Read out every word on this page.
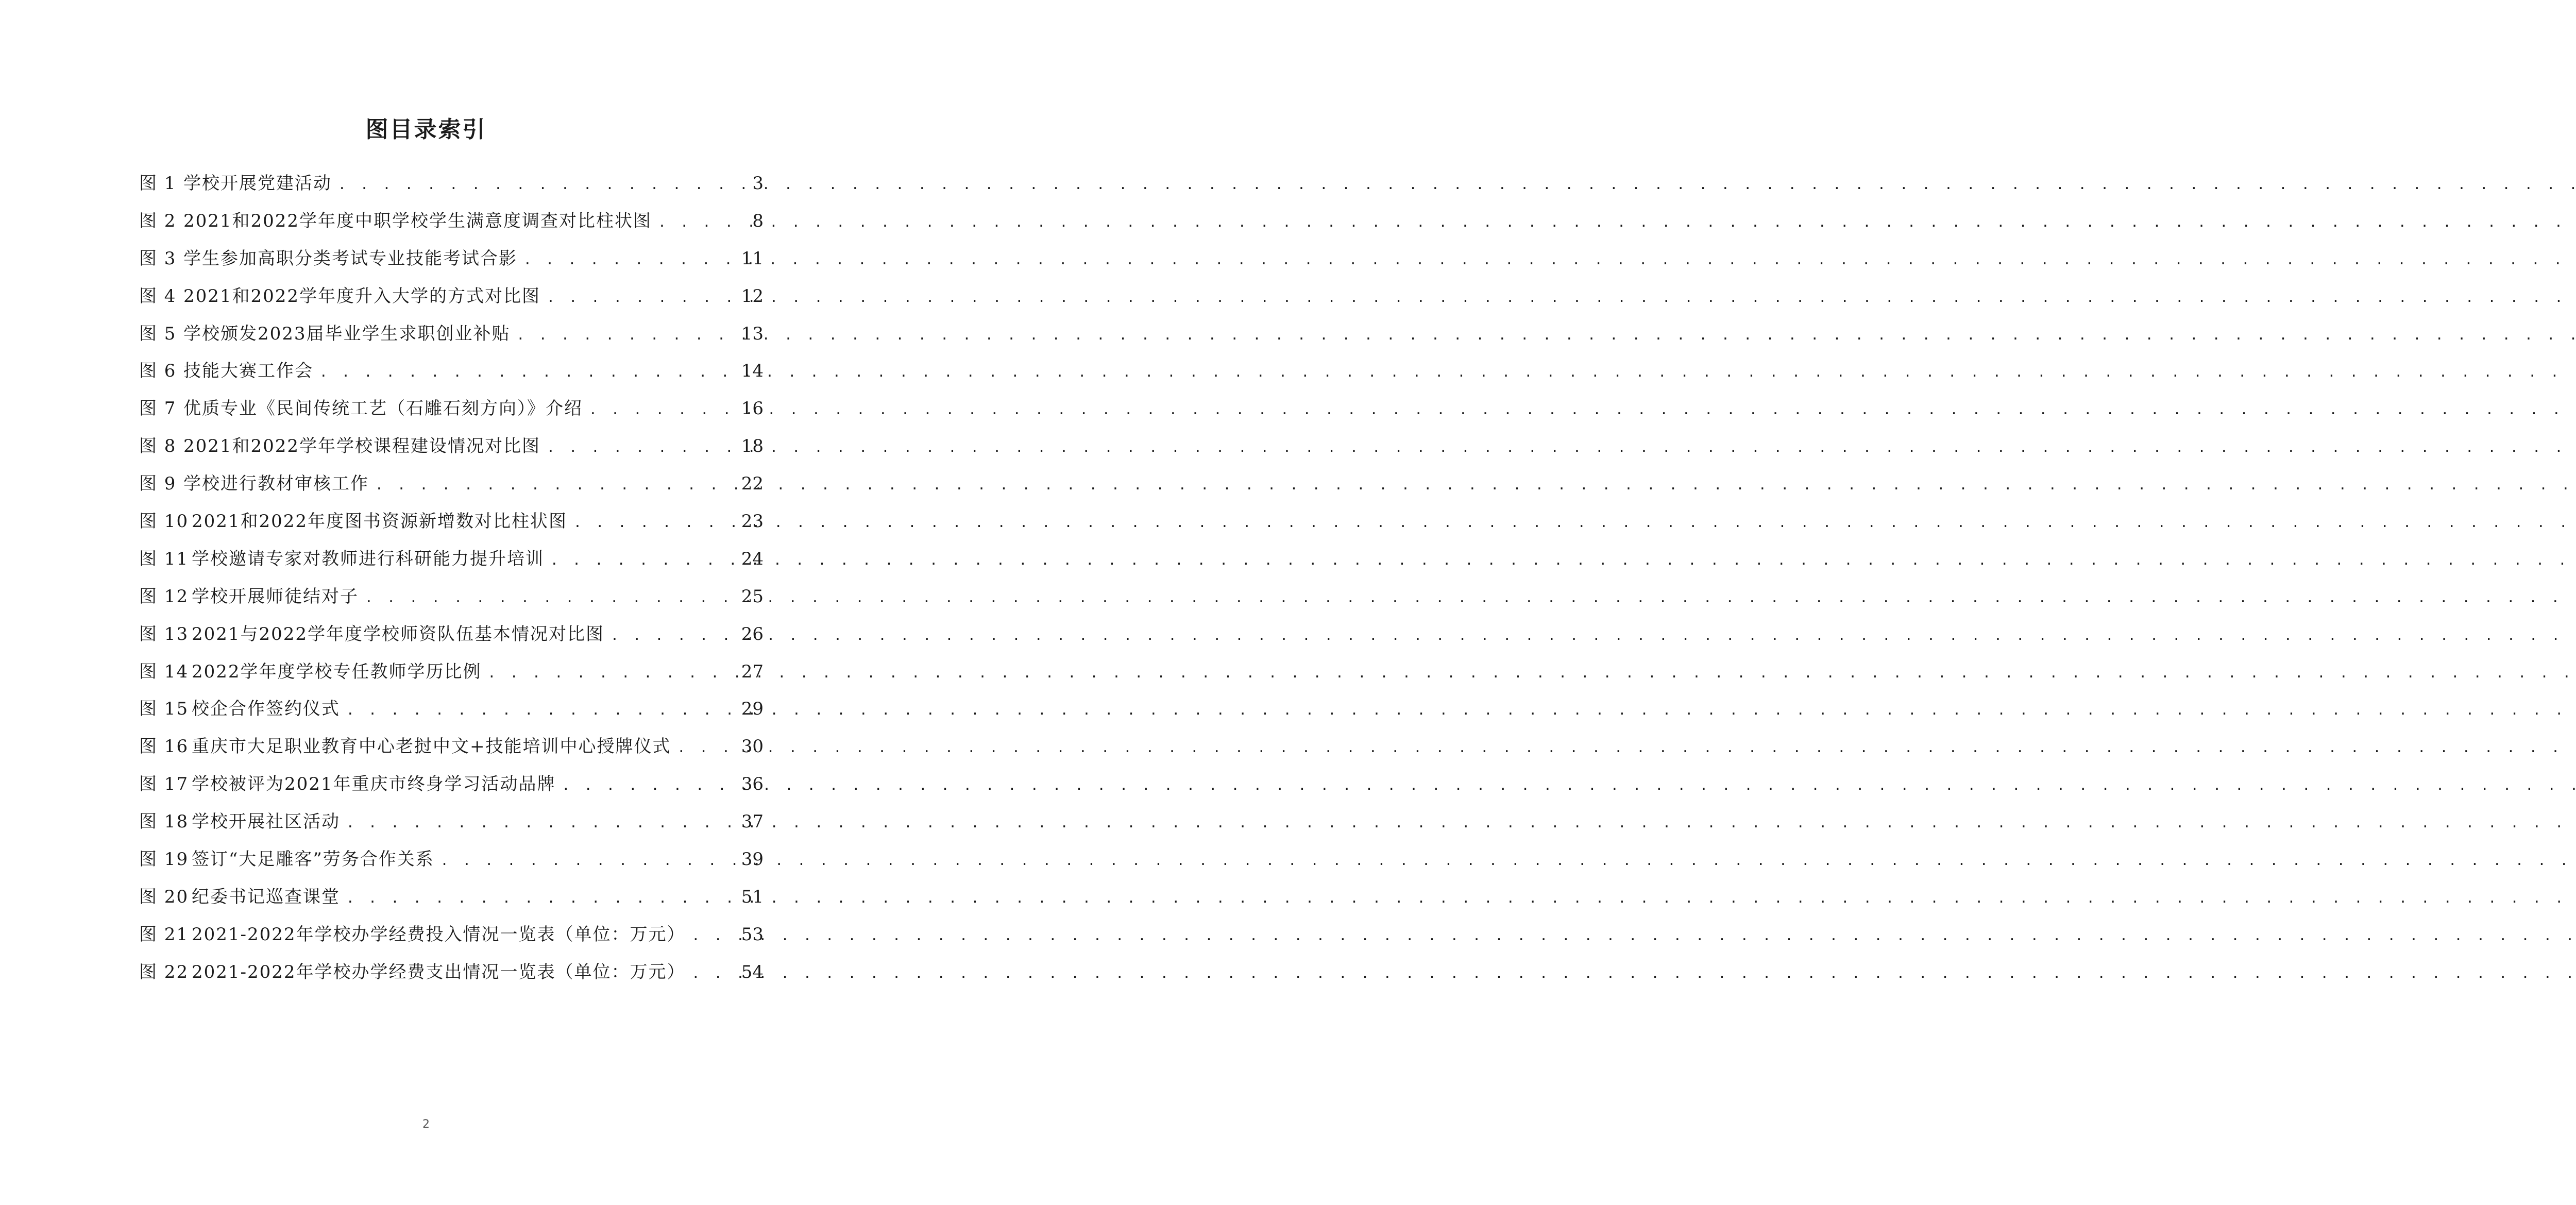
图目录索引
图 1 学校开展党建活动 . . .	3
图 2 2021和2022学年度中职学校学生满意度调查对比柱状图 . . .	8
图 3 学生参加高职分类考试专业技能考试合影 . . .	11
图 4 2021和2022学年度升入大学的方式对比图 . . .	12
图 5 学校颁发2023届毕业学生求职创业补贴 . . .	13
图 6 技能大赛工作会 . . .	14
图 7 优质专业《民间传统工艺（石雕石刻方向）》介绍 . . .	16
图 8 2021和2022学年学校课程建设情况对比图 . . .	18
图 9 学校进行教材审核工作 . . .	22
图 10 2021和2022年度图书资源新增数对比柱状图 . . .	23
图 11 学校邀请专家对教师进行科研能力提升培训 . . .	24
图 12 学校开展师徒结对子 . . .	25
图 13 2021与2022学年度学校师资队伍基本情况对比图 . . .	26
图 14 2022学年度学校专任教师学历比例 . . .	27
图 15 校企合作签约仪式 . . .	29
图 16 重庆市大足职业教育中心老挝中文+技能培训中心授牌仪式 . . .	30
图 17 学校被评为2021年重庆市终身学习活动品牌 . . .	36
图 18 学校开展社区活动 . . .	37
图 19 签订“大足雕客”劳务合作关系 . . .	39
图 20 纪委书记巡查课堂 . . .	51
图 21 2021-2022年学校办学经费投入情况一览表（单位：万元） . . .	53
图 22 2021-2022年学校办学经费支出情况一览表（单位：万元） . . .	54
2
